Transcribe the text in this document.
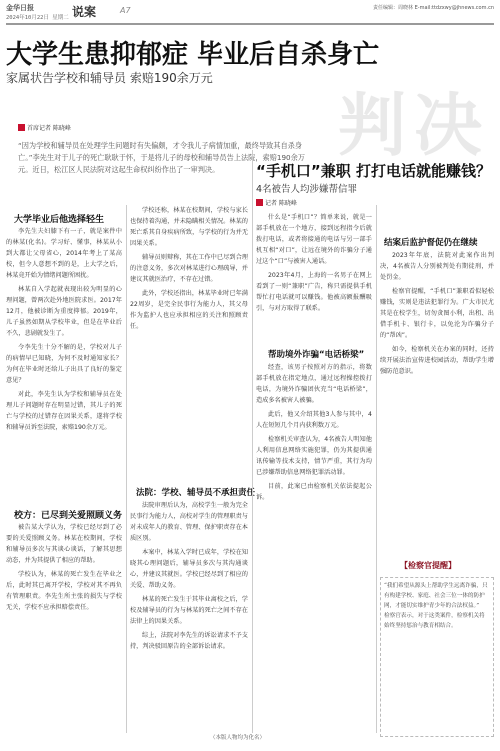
金华日报
2024年10月22日 星期二 说案	A7	责任编辑：周晓林 E-mail:ttdzxwy@jhnews.com.cn
大学生患抑郁症 毕业后自杀身亡
家属状告学校和辅导员 索赔190余万元
判决
首席记者 陈晓峰
“因为学校和辅导员在处理学生问题时有失偏颇，才令我儿子病情加重，最终导致其自杀身亡。”李先生对于儿子的死亡耿耿于怀，于是将儿子的母校和辅导员告上法院，索赔190余万元。近日，松江区人民法院对这起生命权纠纷作出了一审判决。
大学毕业后他选择轻生

李先生夫妇膝下有一子，就是案件中的林某(化名)。学习好、懂事，林某从小到大都让父母省心，2014年考上了某高校，但令人意想不到的是，上大学之后，林某竟开始为情绪问题所困扰。

林某自入学起就表现出较为明显的心理问题，曾两次赴外地医院求医。2017年12月，他被诊断为重度抑郁。2019年，儿子虽然如期从学校毕业，但是在毕业后不久，悲剧就发生了。

令李先生十分不解的是，学校对儿子的病情早已知晓，为何不及时通知家长？为何在毕业时还给儿子出具了良好的鉴定意见？

对此，李先生认为学校和辅导员在处理儿子问题时存在明显过错，其儿子的死亡与学校的过错存在因果关系，遂将学校和辅导员诉至法院，索赔190余万元。

校方：已尽到关爱照顾义务

被告某大学认为，学校已经尽到了必要的关爱照顾义务。林某在校期间，学校和辅导员多次与其谈心谈话，了解其思想动态，并为其提供了相应的帮助。

学校认为，林某的死亡发生在毕业之后，此时其已离开学校，学校对其不再负有管理职责。李先生所主张的损失与学校无关，学校不应承担赔偿责任。

学校还称，林某在校期间，学校与家长也保持着沟通，并未隐瞒相关情况。林某的死亡系其自身疾病所致，与学校的行为并无因果关系。

辅导员则辩称，其在工作中已尽到合理的注意义务，多次对林某进行心理疏导，并建议其就医治疗，不存在过错。

此外，学校还指出，林某毕业时已年满22周岁，是完全民事行为能力人，其父母作为监护人也应承担相应的关注和照顾责任。

法院：学校、辅导员不承担责任

法院审理后认为，高校学生一般为完全民事行为能力人，高校对学生的管理职责与对未成年人的教育、管理、保护职责存在本质区别。

本案中，林某入学时已成年，学校在知晓其心理问题后，辅导员多次与其沟通谈心，并建议其就医。学校已经尽到了相应的关爱、帮助义务。

林某的死亡发生于其毕业离校之后，学校及辅导员的行为与林某的死亡之间不存在法律上的因果关系。

综上，法院对李先生的诉讼请求不予支持，判决驳回原告的全部诉讼请求。

（本版人物均为化名）
“手机口”兼职 打打电话就能赚钱？
4名被告人均涉嫌帮信罪
记者 陈晓峰

什么是“手机口”？简单来说，就是一部手机放在一个地方，接到远程指令后就拨打电话，或者将接通的电话与另一部手机互相“对口”，让远在境外的诈骗分子通过这个“口”与被害人通话。

2023年4月，上海的一名男子在网上看到了一则“兼职”广告，称只需提供手机帮忙打电话就可以赚钱。他被高额报酬吸引，与对方取得了联系。

帮助境外诈骗“电话桥梁”

经查，该男子按照对方的指示，将数部手机放在指定地点，通过远程操控拨打电话，为境外诈骗团伙充当“电话桥梁”，造成多名被害人被骗。

此后，他又介绍其他3人参与其中，4人在短短几个月内获利数万元。

检察机关审查认为，4名被告人明知他人利用信息网络实施犯罪，仍为其提供通讯传输等技术支持，情节严重，其行为均已涉嫌帮助信息网络犯罪活动罪。

目前，此案已由检察机关依法提起公诉。

结案后监护督促仍在继续

2023年年底，法院对此案作出判决，4名被告人分别被判处有期徒刑，并处罚金。

检察官提醒，“手机口”兼职看似轻松赚钱，实则是违法犯罪行为。广大市民尤其是在校学生，切勿贪图小利，出租、出借手机卡、银行卡，以免沦为诈骗分子的“帮凶”。

如今，检察机关在办案的同时，还持续开展法治宣传进校园活动，帮助学生增强防范意识。

【检察官提醒】

“我们希望从源头上帮助学生远离诈骗，只有构建学校、家庭、社会三位一体的防护网，才能切实维护青少年的合法权益。”

检察官表示，对于这类案件，检察机关将始终坚持惩治与教育相结合。
